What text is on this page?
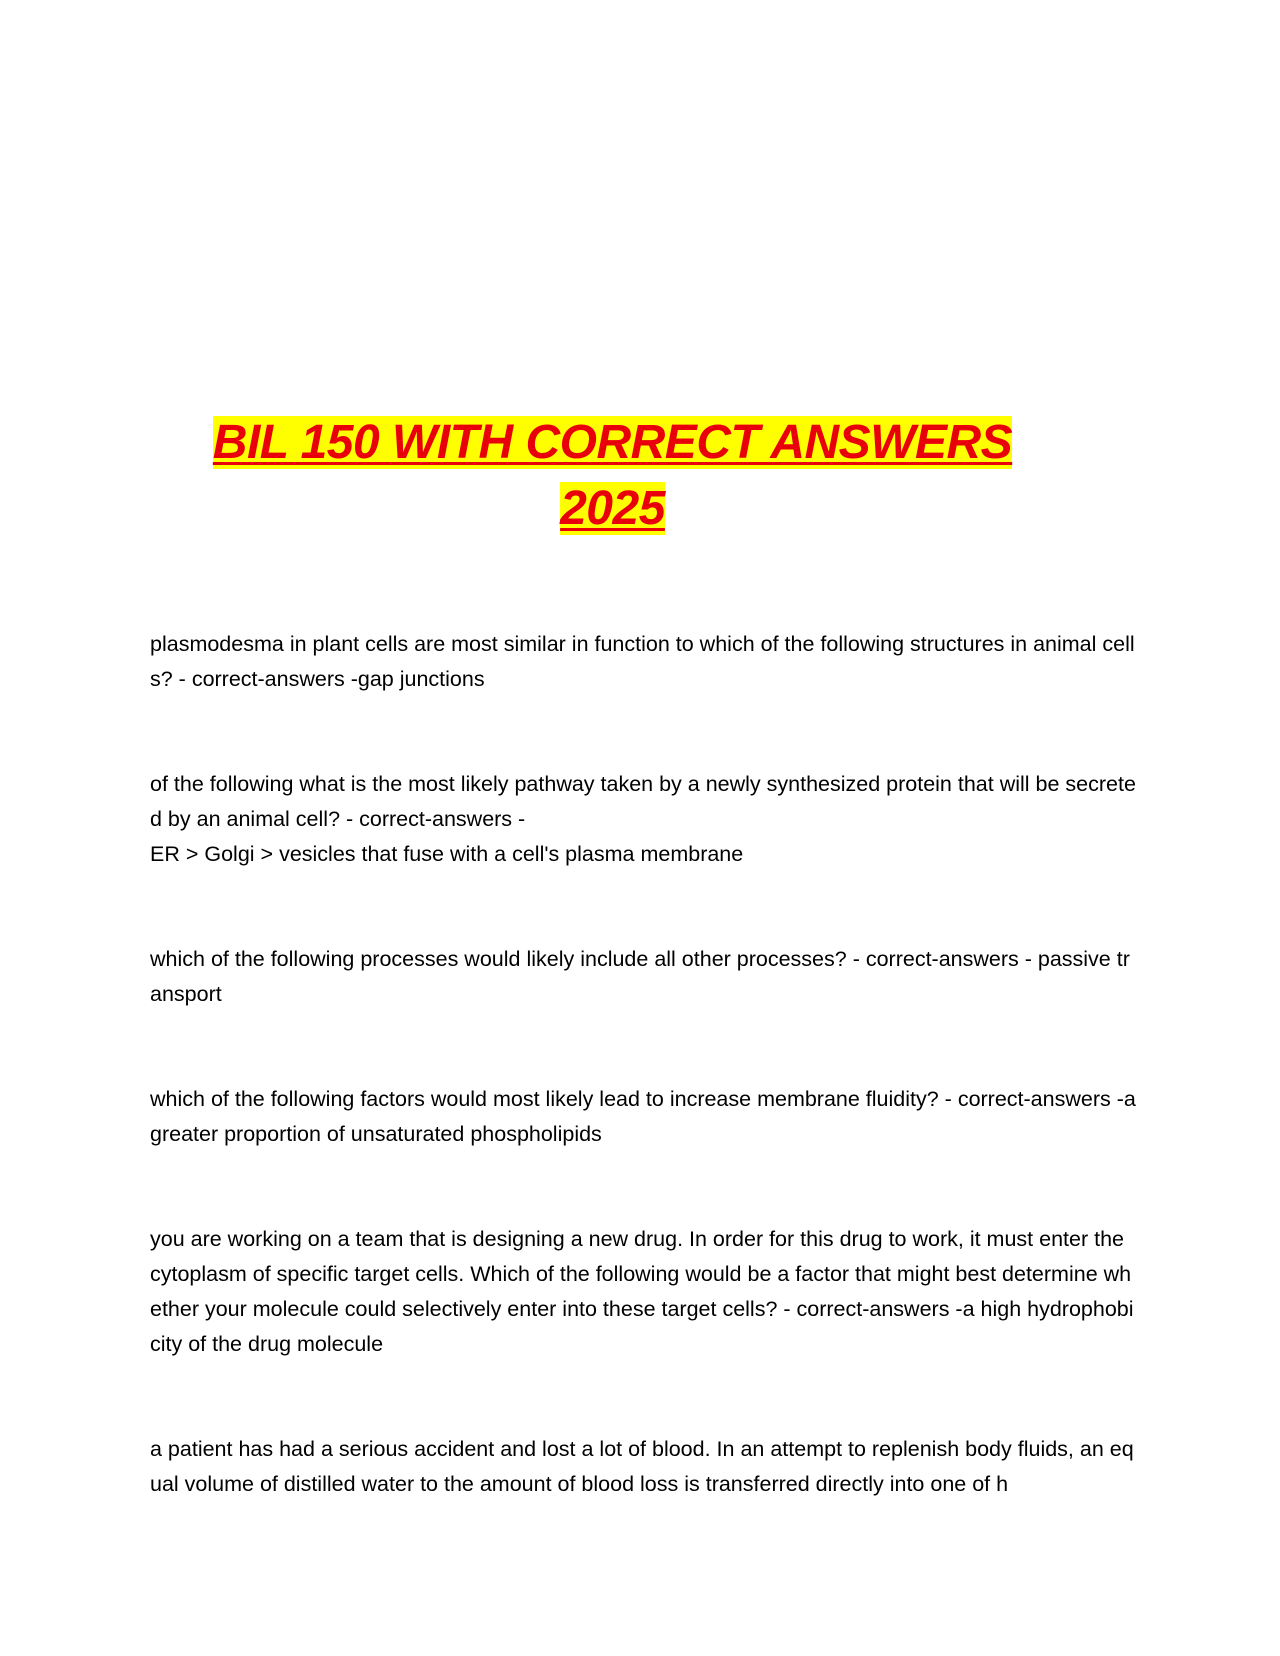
BIL 150 WITH CORRECT ANSWERS
2025

plasmodesma in plant cells are most similar in function to which of the following structures in animal cells? - correct-answers -gap junctions

of the following what is the most likely pathway taken by a newly synthesized protein that will be secreted by an animal cell? - correct-answers -
ER > Golgi > vesicles that fuse with a cell's plasma membrane

which of the following processes would likely include all other processes? - correct-answers - passive transport

which of the following factors would most likely lead to increase membrane fluidity? - correct-answers -a greater proportion of unsaturated phospholipids

you are working on a team that is designing a new drug. In order for this drug to work, it must enter the cytoplasm of specific target cells. Which of the following would be a factor that might best determine whether your molecule could selectively enter into these target cells? - correct-answers -a high hydrophobicity of the drug molecule

a patient has had a serious accident and lost a lot of blood. In an attempt to replenish body fluids, an equal volume of distilled water to the amount of blood loss is transferred directly into one of h
